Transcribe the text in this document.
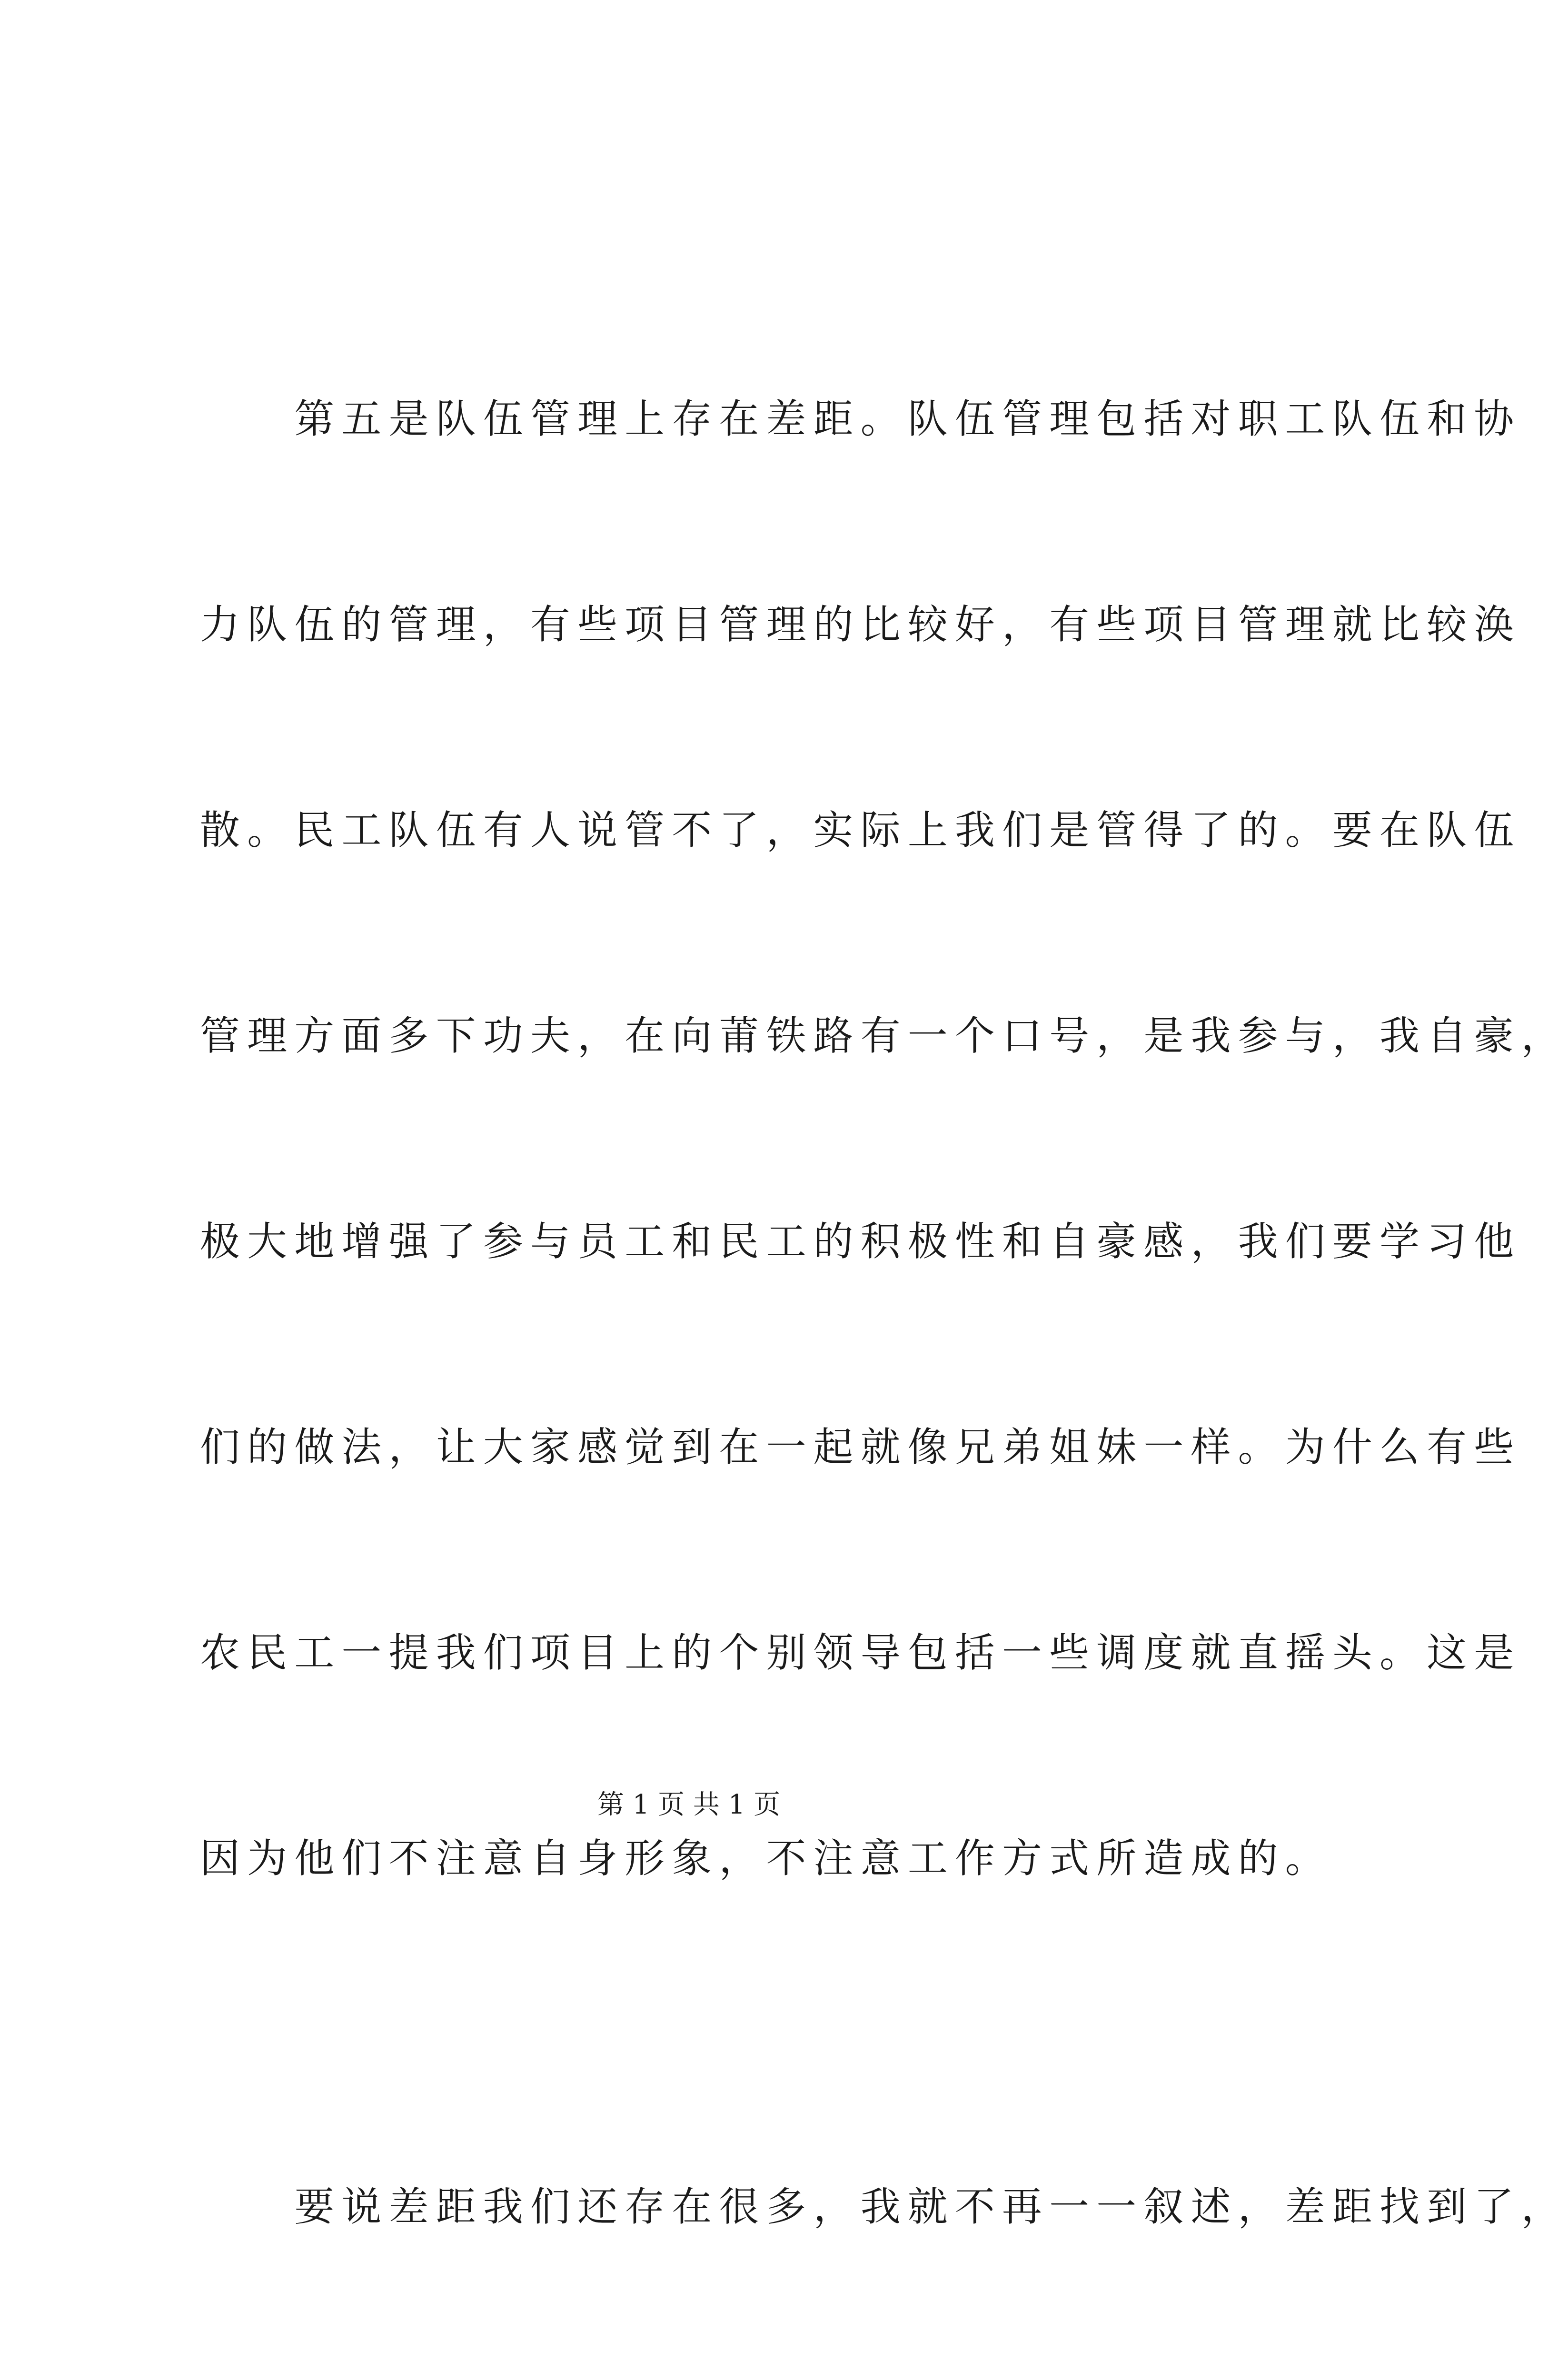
第五是队伍管理上存在差距。队伍管理包括对职工队伍和协

力队伍的管理，有些项目管理的比较好，有些项目管理就比较涣

散。民工队伍有人说管不了，实际上我们是管得了的。要在队伍

管理方面多下功夫，在向莆铁路有一个口号，是我参与，我自豪，

极大地增强了参与员工和民工的积极性和自豪感，我们要学习他

们的做法，让大家感觉到在一起就像兄弟姐妹一样。为什么有些

农民工一提我们项目上的个别领导包括一些调度就直摇头。这是

因为他们不注意自身形象，不注意工作方式所造成的。

要说差距我们还存在很多，我就不再一一叙述，差距找到了，

第 1 页 共 1 页
